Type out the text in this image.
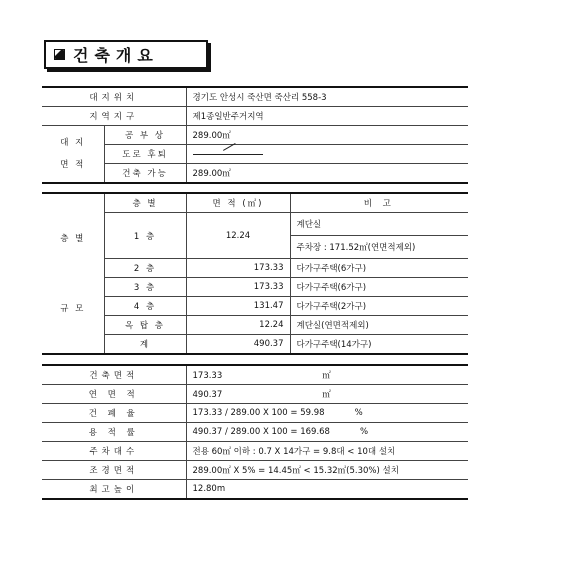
건축개요
대지위치		경기도 안성시 죽산면 죽산리 558-3
지역지구		제1종일반주거지역

대 지
면 적	공 부 상	289.00㎡
	도로 후퇴	
	건축 가능	289.00㎡
층 별
규 모	층 별	면 적 (㎡)	비 고
	1 층	12.24	계단실
			주차장 : 171.52㎡(연면적제외)
	2 층	173.33	다가구주택(6가구)
	3 층	173.33	다가구주택(6가구)
	4 층	131.47	다가구주택(2가구)
	옥 탑 층	12.24	계단실(연면적제외)
	계	490.37	다가구주택(14가구)
건축면적	173.33 ㎡
연 면 적	490.37 ㎡
건 폐 율	173.33 / 289.00 X 100 = 59.98 %
용 적 률	490.37 / 289.00 X 100 = 169.68 %
주차대수	전용 60㎡ 이하 : 0.7 X 14가구 = 9.8대 < 10대 설치
조경면적	289.00㎡ X 5% = 14.45㎡ < 15.32㎡(5.30%) 설치
최고높이	12.80m
